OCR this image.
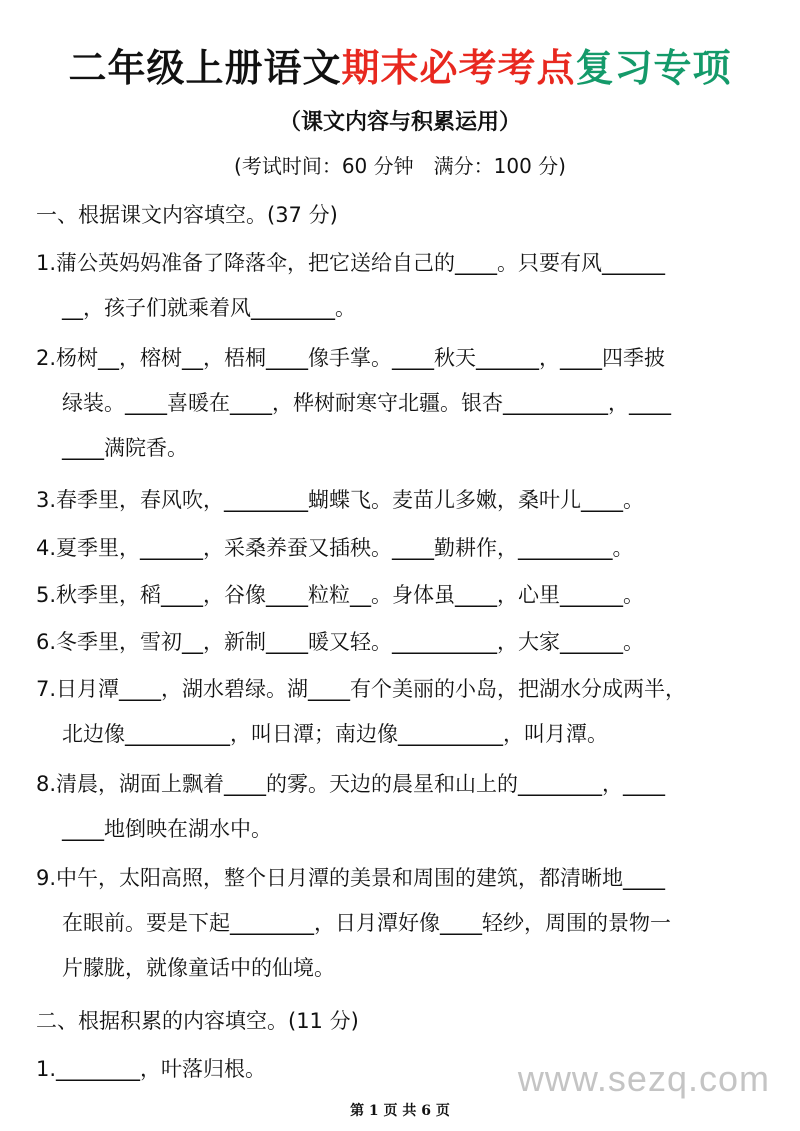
二年级上册语文期末必考考点复习专项
（课文内容与积累运用）
(考试时间：60 分钟　满分：100 分)
一、根据课文内容填空。(37 分)
1.蒲公英妈妈准备了降落伞，把它送给自己的____。只要有风______
__，孩子们就乘着风________。
2.杨树__，榕树__，梧桐____像手掌。____秋天______，____四季披
绿装。____喜暖在____，桦树耐寒守北疆。银杏__________，____
____满院香。
3.春季里，春风吹，________蝴蝶飞。麦苗儿多嫩，桑叶儿____。
4.夏季里，______，采桑养蚕又插秧。____勤耕作，_________。
5.秋季里，稻____，谷像____粒粒__。身体虽____，心里______。
6.冬季里，雪初__，新制____暖又轻。__________，大家______。
7.日月潭____，湖水碧绿。湖____有个美丽的小岛，把湖水分成两半，
北边像__________，叫日潭；南边像__________，叫月潭。
8.清晨，湖面上飘着____的雾。天边的晨星和山上的________，____
____地倒映在湖水中。
9.中午，太阳高照，整个日月潭的美景和周围的建筑，都清晰地____
在眼前。要是下起________，日月潭好像____轻纱，周围的景物一
片朦胧，就像童话中的仙境。
二、根据积累的内容填空。(11 分)
1.________，叶落归根。	www.sezq.com
第 1 页 共 6 页
